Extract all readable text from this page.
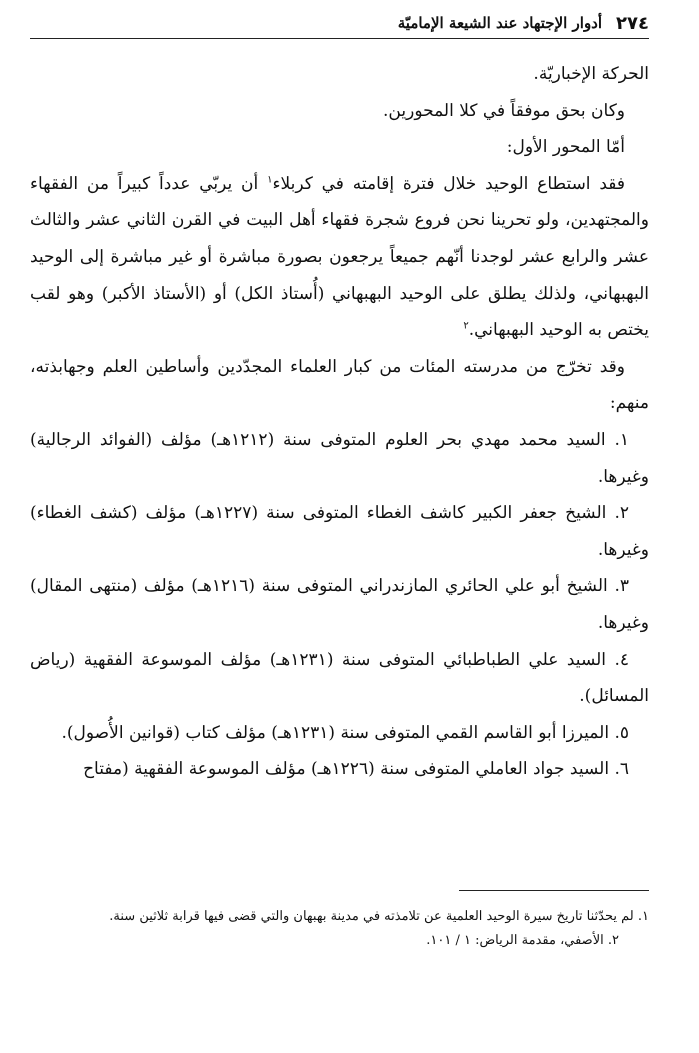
٢٧٤
أدوار الإجتهاد عند الشيعة الإماميّة

الحركة الإخباريّة.

وكان بحق موفقاً في كلا المحورين.

أمّا المحور الأول:

فقد استطاع الوحيد خلال فترة إقامته في كربلاء$^١$ أن يربّي عدداً كبيراً من الفقهاء والمجتهدين، ولو تحرينا نحن فروع شجرة فقهاء أهل البيت في القرن الثاني عشر والثالث عشر والرابع عشر لوجدنا أنّهم جميعاً يرجعون بصورة مباشرة أو غير مباشرة إلى الوحيد البهبهاني، ولذلك يطلق على الوحيد البهبهاني (أُستاذ الكل) أو (الأستاذ الأكبر) وهو لقب يختص به الوحيد البهبهاني.$^٢$

وقد تخرّج من مدرسته المئات من كبار العلماء المجدّدين وأساطين العلم وجهابذته، منهم:

١. السيد محمد مهدي بحر العلوم المتوفى سنة (١٢١٢هـ) مؤلف (الفوائد الرجالية) وغيرها.

٢. الشيخ جعفر الكبير كاشف الغطاء المتوفى سنة (١٢٢٧هـ) مؤلف (كشف الغطاء) وغيرها.

٣. الشيخ أبو علي الحائري المازندراني المتوفى سنة (١٢١٦هـ) مؤلف (منتهى المقال) وغيرها.

٤. السيد علي الطباطبائي المتوفى سنة (١٢٣١هـ) مؤلف الموسوعة الفقهية (رياض المسائل).

٥. الميرزا أبو القاسم القمي المتوفى سنة (١٢٣١هـ) مؤلف كتاب (قوانين الأُصول).

٦. السيد جواد العاملي المتوفى سنة (١٢٢٦هـ) مؤلف الموسوعة الفقهية (مفتاح

١. لم يحدّثنا تاريخ سيرة الوحيد العلمية عن تلامذته في مدينة بهبهان والتي قضى فيها قرابة ثلاثين سنة.

٢. الأصفي، مقدمة الرياض: ١ / ١٠١.
